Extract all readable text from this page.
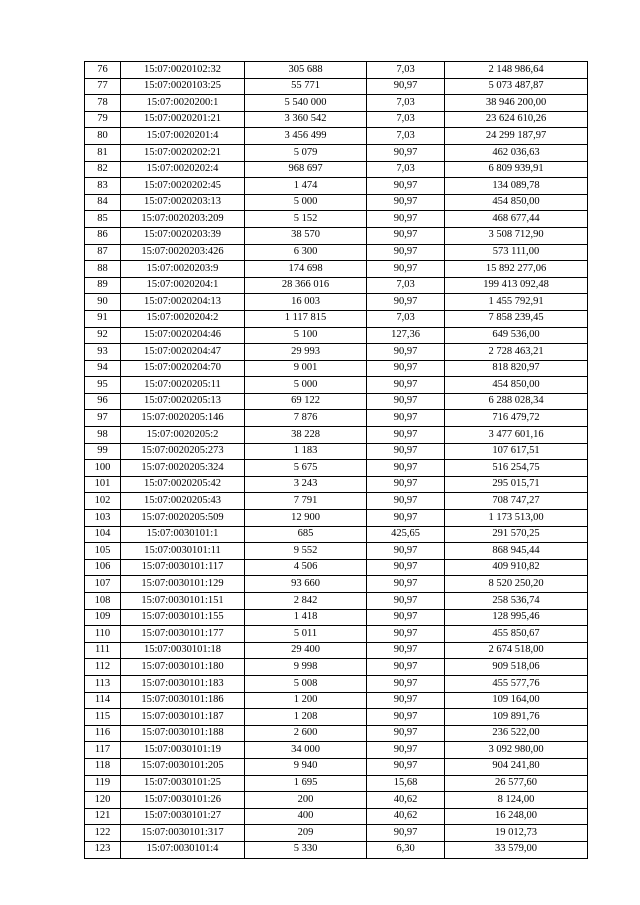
76	15:07:0020102:32	305 688	7,03	2 148 986,64
77	15:07:0020103:25	55 771	90,97	5 073 487,87
78	15:07:0020200:1	5 540 000	7,03	38 946 200,00
79	15:07:0020201:21	3 360 542	7,03	23 624 610,26
80	15:07:0020201:4	3 456 499	7,03	24 299 187,97
81	15:07:0020202:21	5 079	90,97	462 036,63
82	15:07:0020202:4	968 697	7,03	6 809 939,91
83	15:07:0020202:45	1 474	90,97	134 089,78
84	15:07:0020203:13	5 000	90,97	454 850,00
85	15:07:0020203:209	5 152	90,97	468 677,44
86	15:07:0020203:39	38 570	90,97	3 508 712,90
87	15:07:0020203:426	6 300	90,97	573 111,00
88	15:07:0020203:9	174 698	90,97	15 892 277,06
89	15:07:0020204:1	28 366 016	7,03	199 413 092,48
90	15:07:0020204:13	16 003	90,97	1 455 792,91
91	15:07:0020204:2	1 117 815	7,03	7 858 239,45
92	15:07:0020204:46	5 100	127,36	649 536,00
93	15:07:0020204:47	29 993	90,97	2 728 463,21
94	15:07:0020204:70	9 001	90,97	818 820,97
95	15:07:0020205:11	5 000	90,97	454 850,00
96	15:07:0020205:13	69 122	90,97	6 288 028,34
97	15:07:0020205:146	7 876	90,97	716 479,72
98	15:07:0020205:2	38 228	90,97	3 477 601,16
99	15:07:0020205:273	1 183	90,97	107 617,51
100	15:07:0020205:324	5 675	90,97	516 254,75
101	15:07:0020205:42	3 243	90,97	295 015,71
102	15:07:0020205:43	7 791	90,97	708 747,27
103	15:07:0020205:509	12 900	90,97	1 173 513,00
104	15:07:0030101:1	685	425,65	291 570,25
105	15:07:0030101:11	9 552	90,97	868 945,44
106	15:07:0030101:117	4 506	90,97	409 910,82
107	15:07:0030101:129	93 660	90,97	8 520 250,20
108	15:07:0030101:151	2 842	90,97	258 536,74
109	15:07:0030101:155	1 418	90,97	128 995,46
110	15:07:0030101:177	5 011	90,97	455 850,67
111	15:07:0030101:18	29 400	90,97	2 674 518,00
112	15:07:0030101:180	9 998	90,97	909 518,06
113	15:07:0030101:183	5 008	90,97	455 577,76
114	15:07:0030101:186	1 200	90,97	109 164,00
115	15:07:0030101:187	1 208	90,97	109 891,76
116	15:07:0030101:188	2 600	90,97	236 522,00
117	15:07:0030101:19	34 000	90,97	3 092 980,00
118	15:07:0030101:205	9 940	90,97	904 241,80
119	15:07:0030101:25	1 695	15,68	26 577,60
120	15:07:0030101:26	200	40,62	8 124,00
121	15:07:0030101:27	400	40,62	16 248,00
122	15:07:0030101:317	209	90,97	19 012,73
123	15:07:0030101:4	5 330	6,30	33 579,00
